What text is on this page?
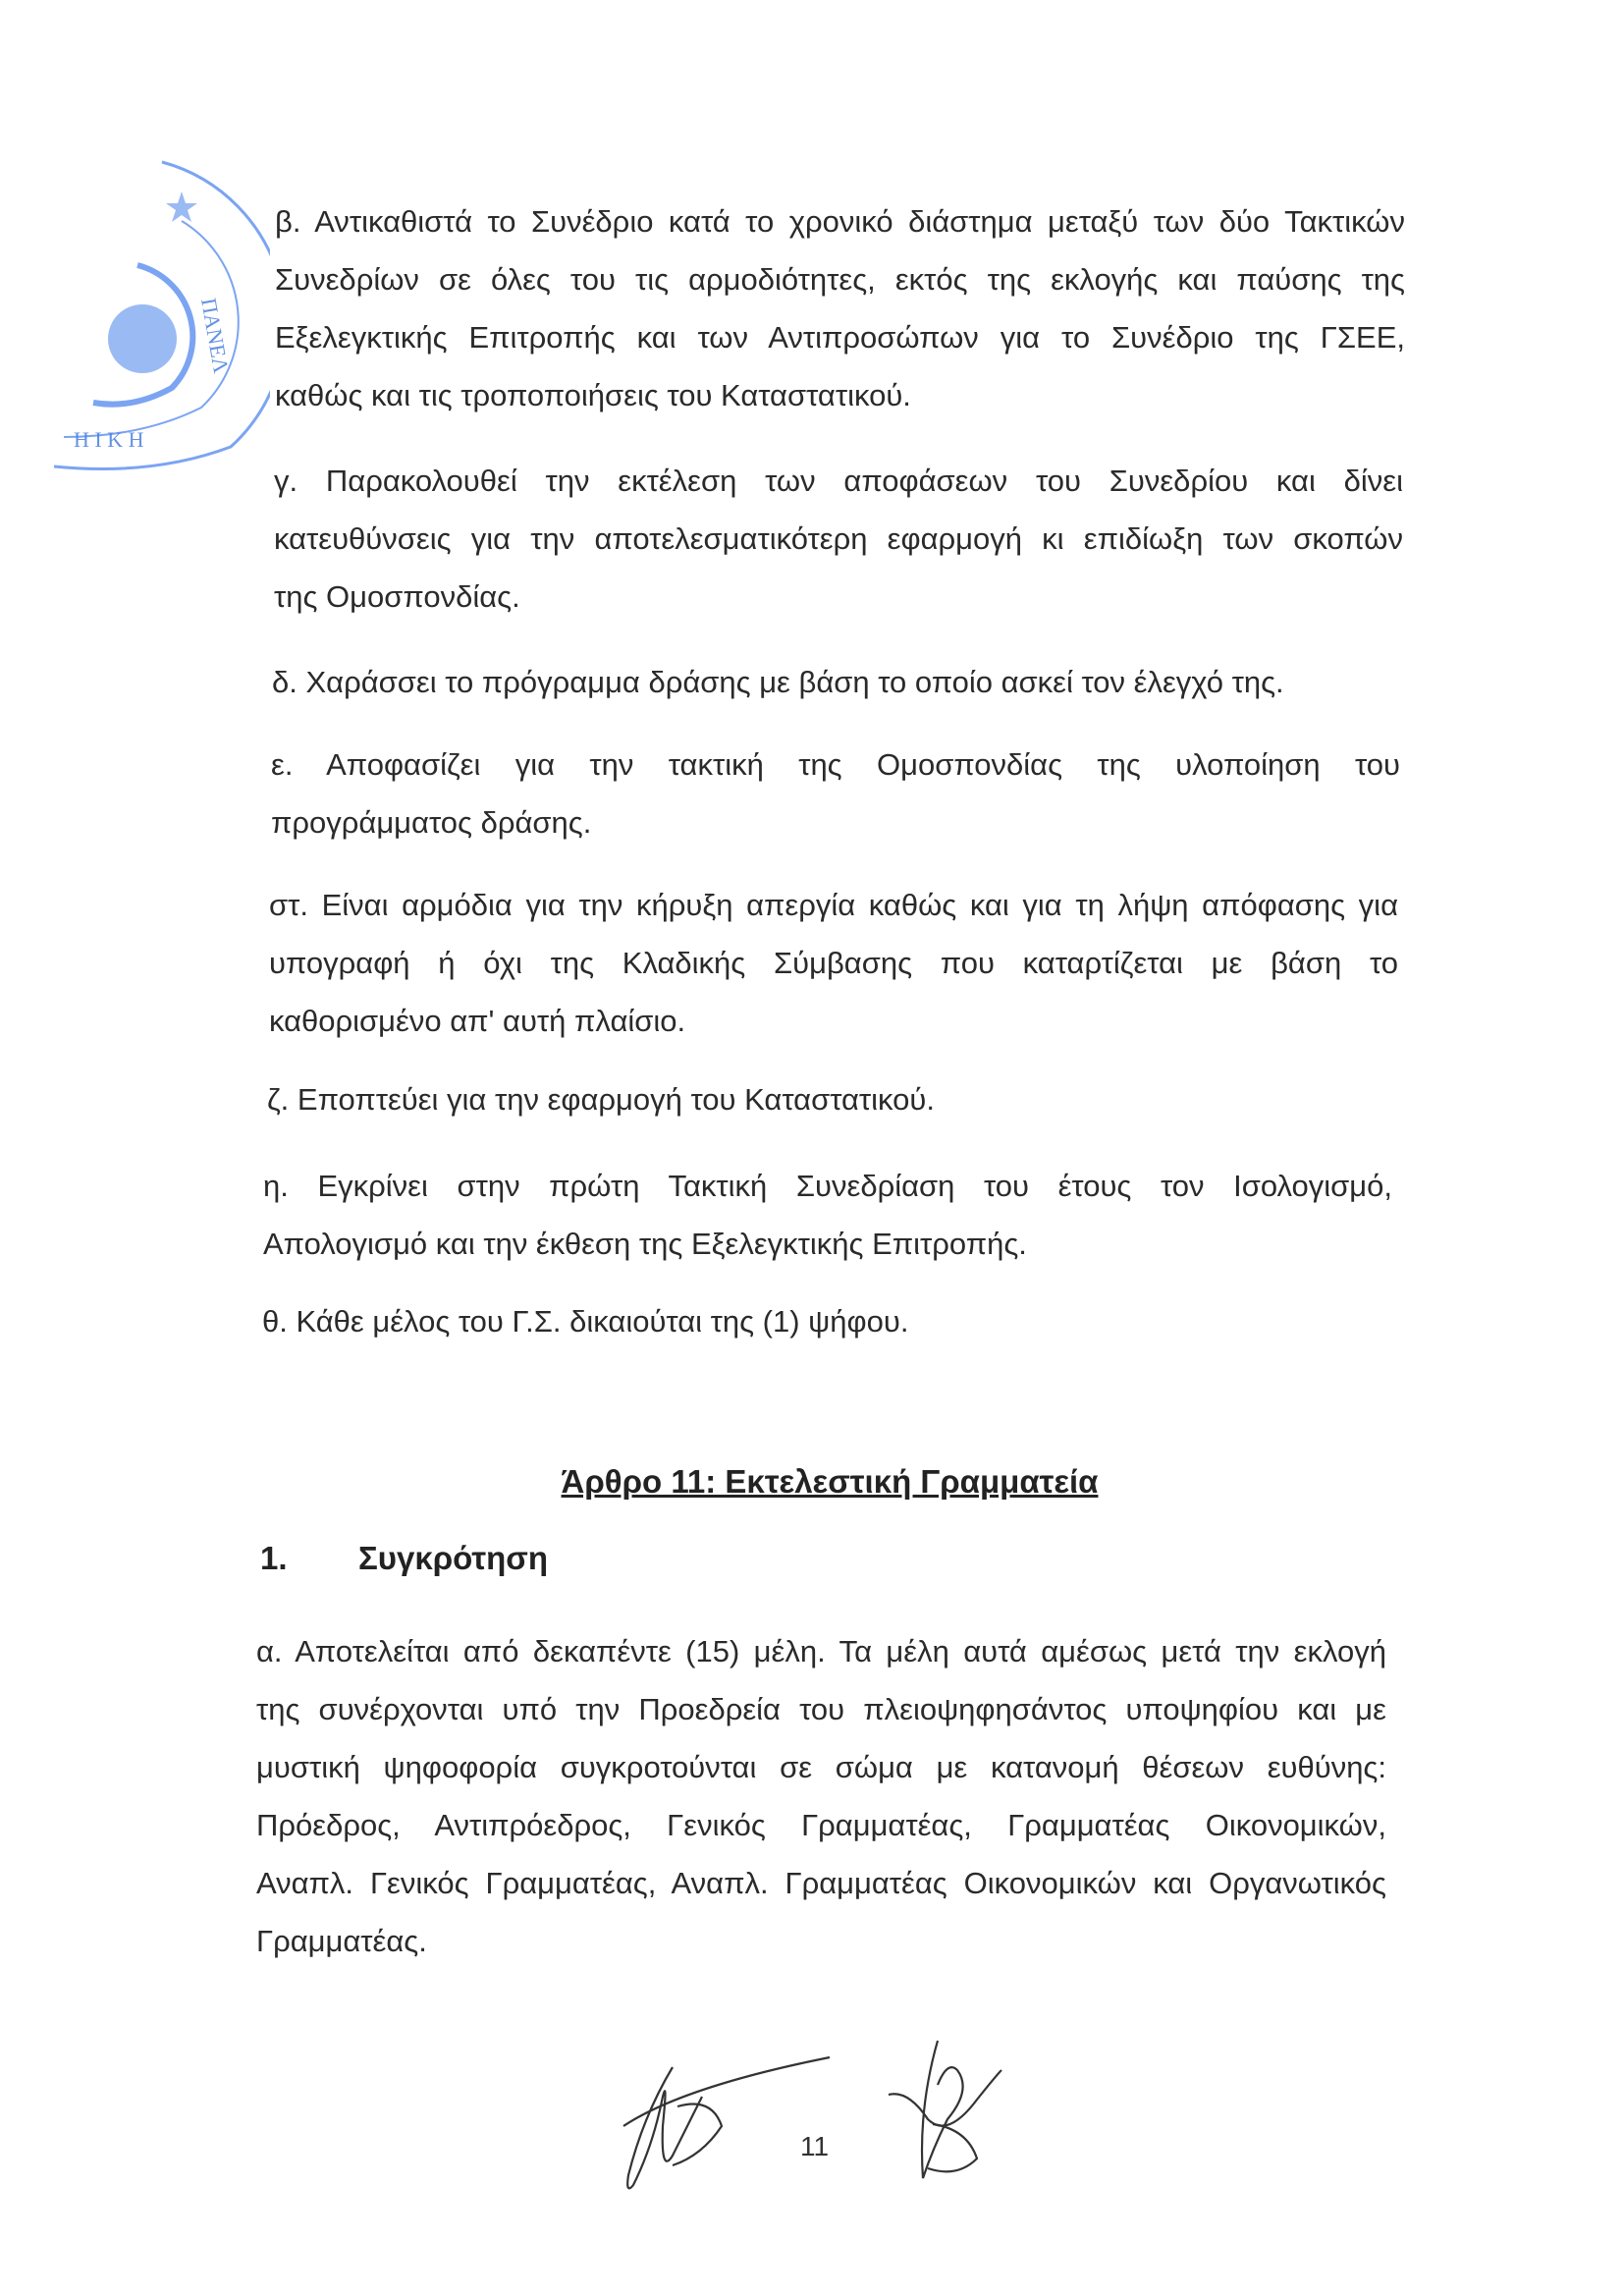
ΠΑΝΕΛ
Η Ι Κ Η
β. Αντικαθιστά το Συνέδριο κατά το χρονικό διάστημα μεταξύ των δύο Τακτικών
Συνεδρίων σε όλες του τις αρμοδιότητες, εκτός της εκλογής και παύσης της
Εξελεγκτικής Επιτροπής και των Αντιπροσώπων για το Συνέδριο της ΓΣΕΕ,
καθώς και τις τροποποιήσεις του Καταστατικού.
γ. Παρακολουθεί την εκτέλεση των αποφάσεων του Συνεδρίου και δίνει
κατευθύνσεις για την αποτελεσματικότερη εφαρμογή κι επιδίωξη των σκοπών
της Ομοσπονδίας.
δ. Χαράσσει το πρόγραμμα δράσης με βάση το οποίο ασκεί τον έλεγχό της.
ε. Αποφασίζει για την τακτική της Ομοσπονδίας της υλοποίηση του
προγράμματος δράσης.
στ. Είναι αρμόδια για την κήρυξη απεργία καθώς και για τη λήψη απόφασης για
υπογραφή ή όχι της Κλαδικής Σύμβασης που καταρτίζεται με βάση το
καθορισμένο απ' αυτή πλαίσιο.
ζ. Εποπτεύει για την εφαρμογή του Καταστατικού.
η. Εγκρίνει στην πρώτη Τακτική Συνεδρίαση του έτους τον Ισολογισμό,
Απολογισμό και την έκθεση της Εξελεγκτικής Επιτροπής.
θ. Κάθε μέλος του Γ.Σ. δικαιούται της (1) ψήφου.
Άρθρο 11: Εκτελεστική Γραμματεία
1. Συγκρότηση
α. Αποτελείται από δεκαπέντε (15) μέλη. Τα μέλη αυτά αμέσως μετά την εκλογή
της συνέρχονται υπό την Προεδρεία του πλειοψηφησάντος υποψηφίου και με
μυστική ψηφοφορία συγκροτούνται σε σώμα με κατανομή θέσεων ευθύνης:
Πρόεδρος, Αντιπρόεδρος, Γενικός Γραμματέας, Γραμματέας Οικονομικών,
Αναπλ. Γενικός Γραμματέας, Αναπλ. Γραμματέας Οικονομικών και Οργανωτικός
Γραμματέας.
11
